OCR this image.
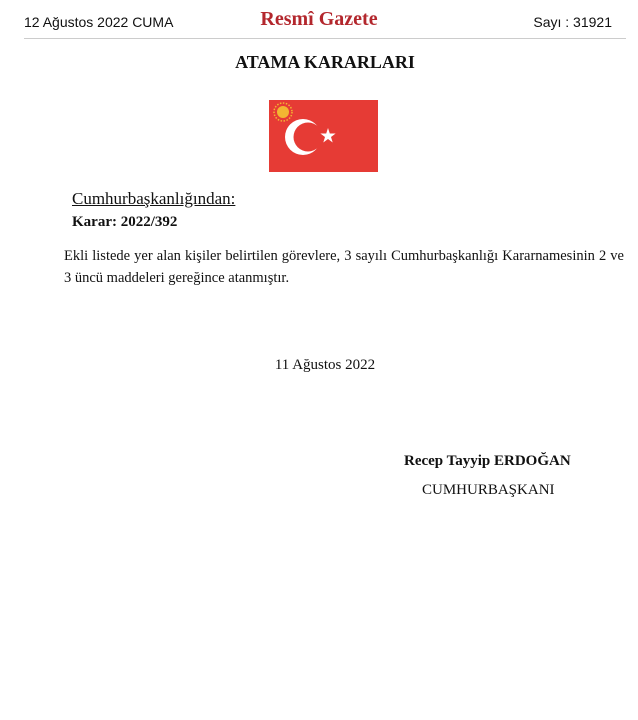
12 Ağustos 2022 CUMA	Resmî Gazete	Sayı : 31921
ATAMA KARARLARI
Cumhurbaşkanlığından:
Karar: 2022/392
Ekli listede yer alan kişiler belirtilen görevlere, 3 sayılı Cumhurbaşkanlığı Kararnamesinin 2 ve 3 üncü maddeleri gereğince atanmıştır.
11 Ağustos 2022
Recep Tayyip ERDOĞAN
CUMHURBAŞKANI
